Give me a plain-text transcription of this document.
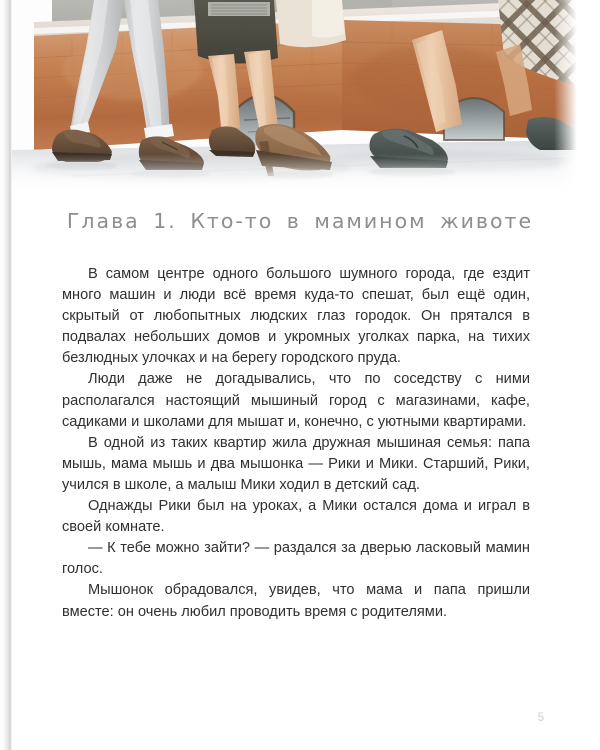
Глава 1. Кто-то в мамином животе

В самом центре одного большого шумного города, где ездит много машин и люди всё время куда-то спешат, был ещё один, скрытый от любопытных людских глаз городок. Он прятался в подвалах небольших домов и укромных уголках парка, на тихих безлюдных улочках и на берегу городского пруда.

Люди даже не догадывались, что по соседству с ними располагался настоящий мышиный город с магазинами, кафе, садиками и школами для мышат и, конечно, с уютными квартирами.

В одной из таких квартир жила дружная мышиная семья: папа мышь, мама мышь и два мышонка — Рики и Мики. Старший, Рики, учился в школе, а малыш Мики ходил в детский сад.

Однажды Рики был на уроках, а Мики остался дома и играл в своей комнате.

— К тебе можно зайти? — раздался за дверью ласковый мамин голос.

Мышонок обрадовался, увидев, что мама и папа пришли вместе: он очень любил проводить время с родителями.

5
